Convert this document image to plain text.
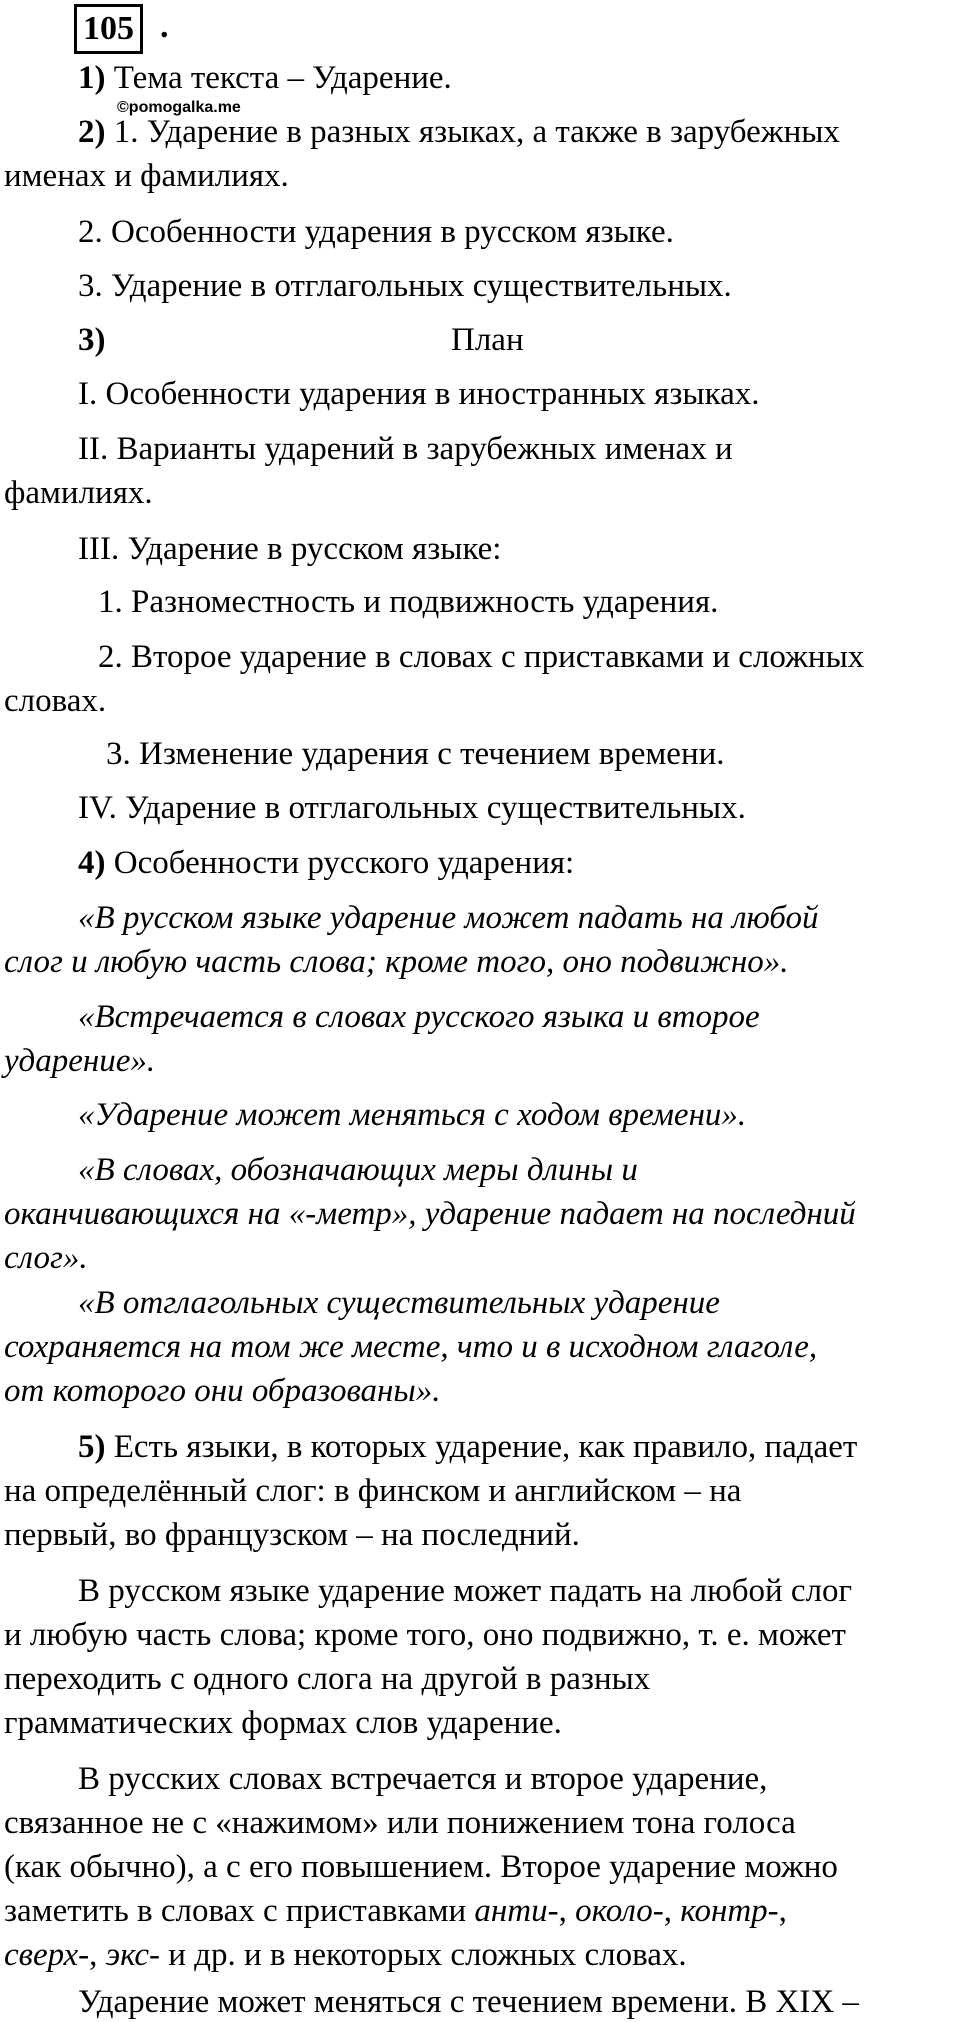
105 .
©pomogalka.me
1) Тема текста – Ударение.
2) 1. Ударение в разных языках, а также в зарубежных
именах и фамилиях.
2. Особенности ударения в русском языке.
3. Ударение в отглагольных существительных.
3)	План
I. Особенности ударения в иностранных языках.
II. Варианты ударений в зарубежных именах и
фамилиях.
III. Ударение в русском языке:
1. Разноместность и подвижность ударения.
2. Второе ударение в словах с приставками и сложных
словах.
3. Изменение ударения с течением времени.
IV. Ударение в отглагольных существительных.
4) Особенности русского ударения:
«В русском языке ударение может падать на любой
слог и любую часть слова; кроме того, оно подвижно».
«Встречается в словах русского языка и второе
ударение».
«Ударение может меняться с ходом времени».
«В словах, обозначающих меры длины и
оканчивающихся на «-метр», ударение падает на последний
слог».
«В отглагольных существительных ударение
сохраняется на том же месте, что и в исходном глаголе,
от которого они образованы».
5) Есть языки, в которых ударение, как правило, падает
на определённый слог: в финском и английском – на
первый, во французском – на последний.
В русском языке ударение может падать на любой слог
и любую часть слова; кроме того, оно подвижно, т. е. может
переходить с одного слога на другой в разных
грамматических формах слов ударение.
В русских словах встречается и второе ударение,
связанное не с «нажимом» или понижением тона голоса
(как обычно), а с его повышением. Второе ударение можно
заметить в словах с приставками анти-, около-, контр-,
сверх-, экс- и др. и в некоторых сложных словах.
Ударение может меняться с течением времени. В XIX –
